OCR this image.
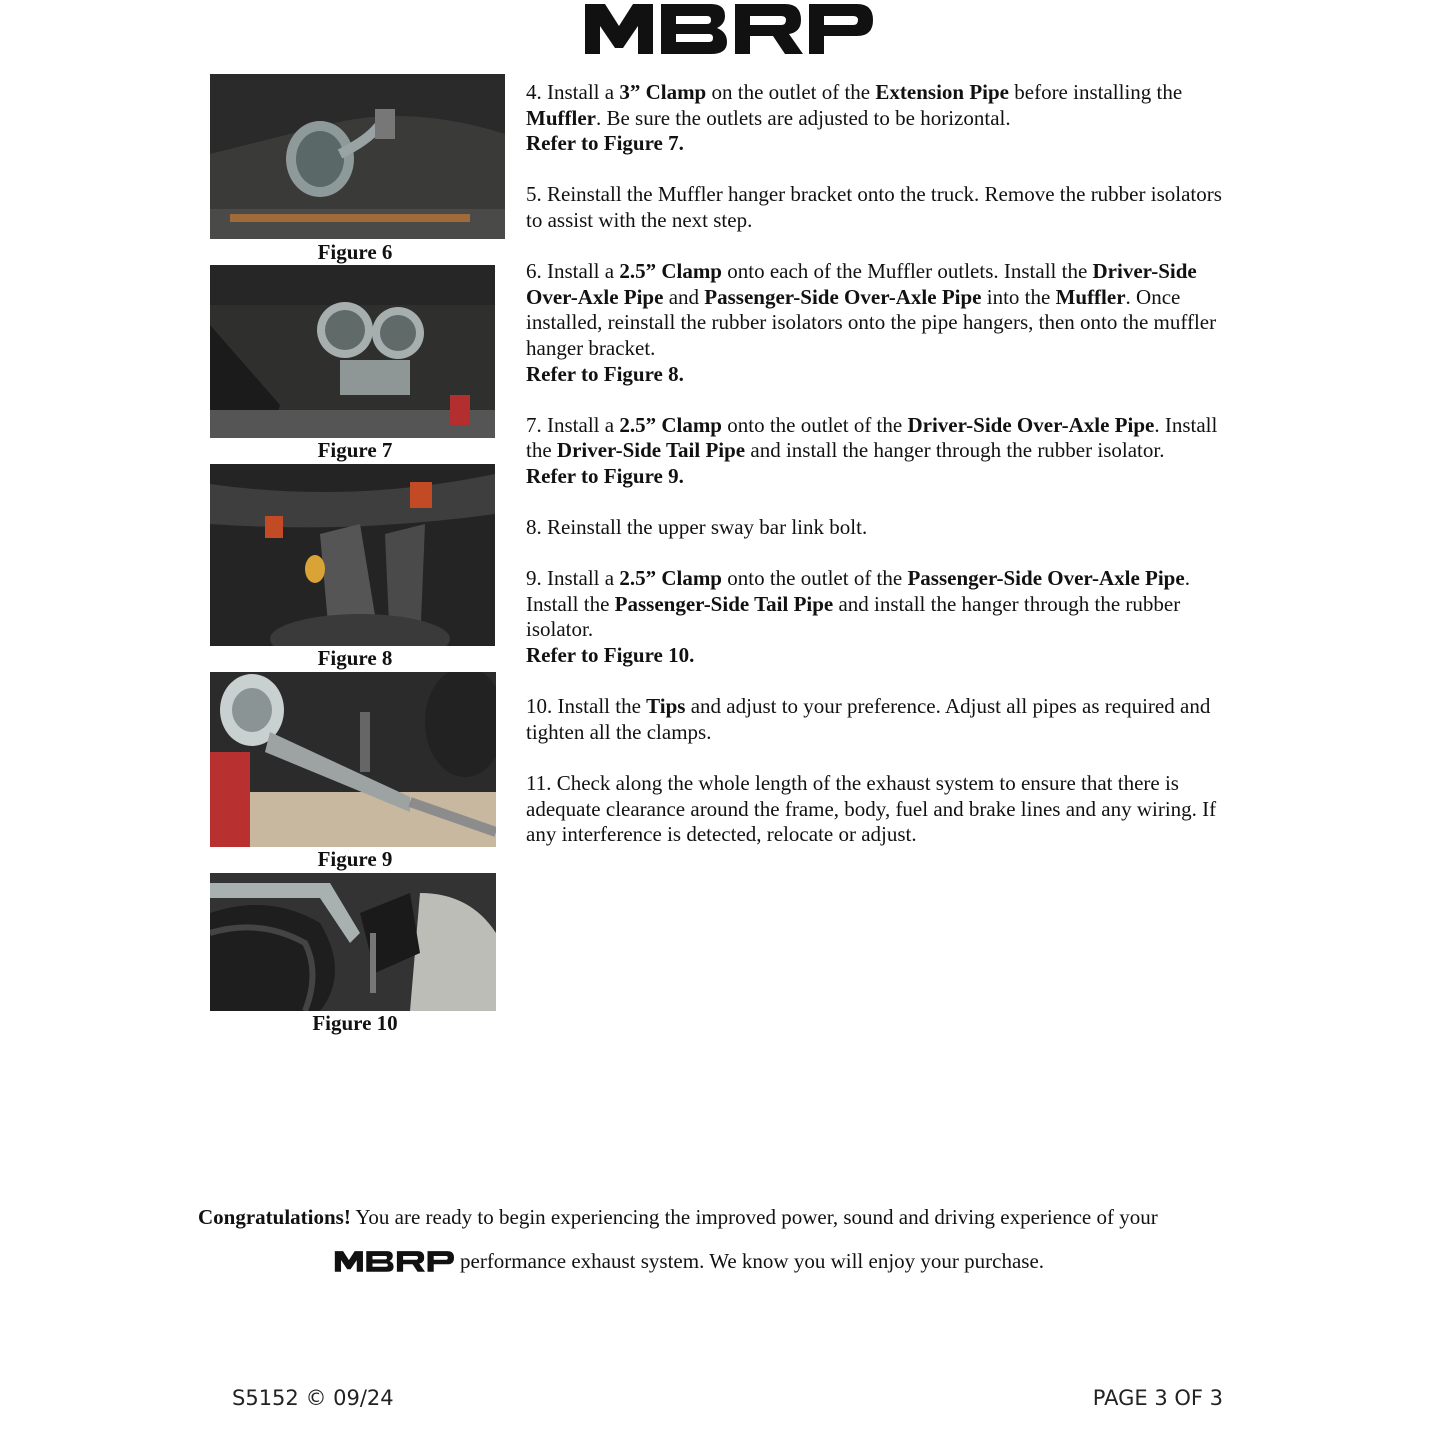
Figure 6
Figure 7
Figure 8
Figure 9
Figure 10

4. Install a 3” Clamp on the outlet of the Extension Pipe before installing the Muffler. Be sure the outlets are adjusted to be horizontal.
Refer to Figure 7.

5. Reinstall the Muffler hanger bracket onto the truck. Remove the rubber isolators to assist with the next step.

6. Install a 2.5” Clamp onto each of the Muffler outlets. Install the Driver-Side Over-Axle Pipe and Passenger-Side Over-Axle Pipe into the Muffler. Once installed, reinstall the rubber isolators onto the pipe hangers, then onto the muffler hanger bracket.
Refer to Figure 8.

7. Install a 2.5” Clamp onto the outlet of the Driver-Side Over-Axle Pipe. Install the Driver-Side Tail Pipe and install the hanger through the rubber isolator.
Refer to Figure 9.

8. Reinstall the upper sway bar link bolt.

9. Install a 2.5” Clamp onto the outlet of the Passenger-Side Over-Axle Pipe. Install the Passenger-Side Tail Pipe and install the hanger through the rubber isolator.
Refer to Figure 10.

10. Install the Tips and adjust to your preference. Adjust all pipes as required and tighten all the clamps.

11. Check along the whole length of the exhaust system to ensure that there is adequate clearance around the frame, body, fuel and brake lines and any wiring. If any interference is detected, relocate or adjust.

Congratulations! You are ready to begin experiencing the improved power, sound and driving experience of your
performance exhaust system. We know you will enjoy your purchase.
S5152 © 09/24	PAGE 3 OF 3
